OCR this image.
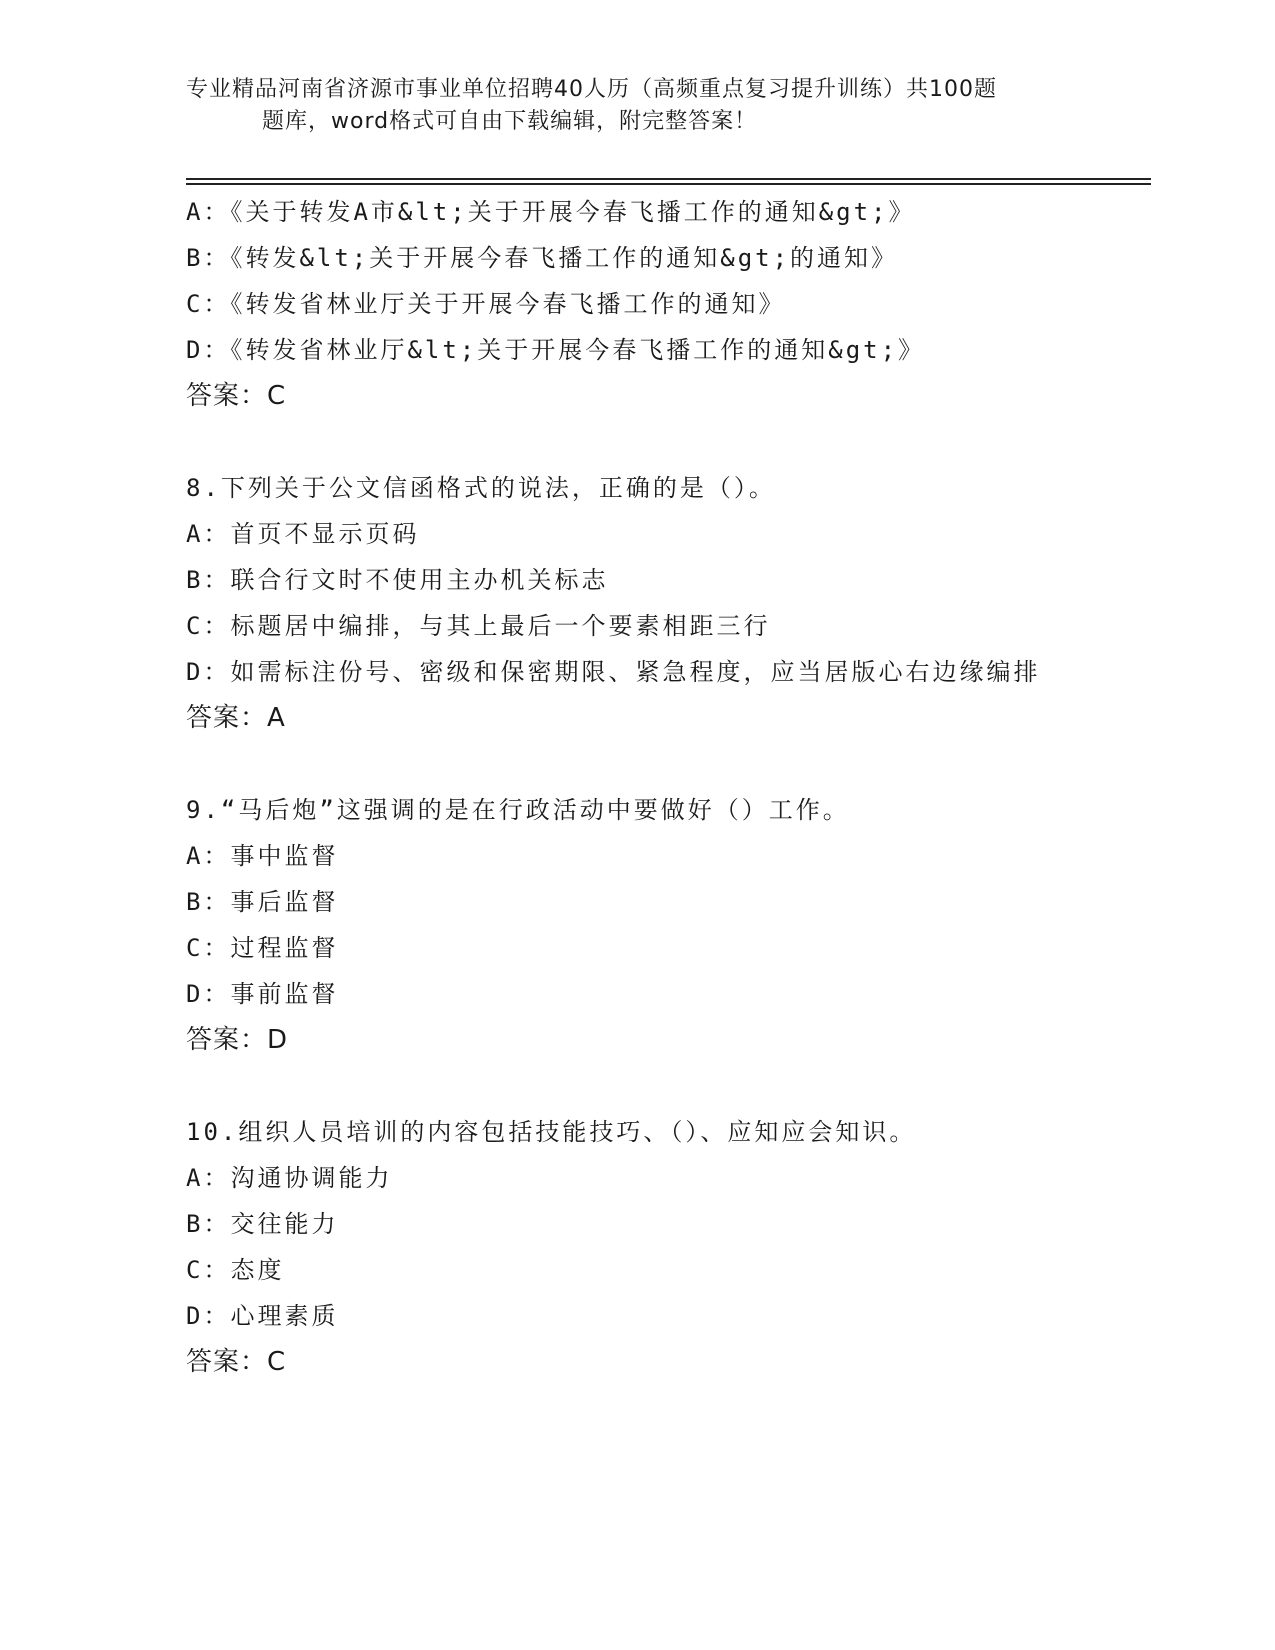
专业精品河南省济源市事业单位招聘40人历（高频重点复习提升训练）共100题
题库，word格式可自由下载编辑，附完整答案！
A：《关于转发A市&lt;关于开展今春飞播工作的通知&gt;》
B：《转发&lt;关于开展今春飞播工作的通知&gt;的通知》
C：《转发省林业厅关于开展今春飞播工作的通知》
D：《转发省林业厅&lt;关于开展今春飞播工作的通知&gt;》
答案：C
8.下列关于公文信函格式的说法，正确的是（）。
A：首页不显示页码
B：联合行文时不使用主办机关标志
C：标题居中编排，与其上最后一个要素相距三行
D：如需标注份号、密级和保密期限、紧急程度，应当居版心右边缘编排
答案：A
9.“马后炮”这强调的是在行政活动中要做好（）工作。
A：事中监督
B：事后监督
C：过程监督
D：事前监督
答案：D
10.组织人员培训的内容包括技能技巧、（）、应知应会知识。
A：沟通协调能力
B：交往能力
C：态度
D：心理素质
答案：C
